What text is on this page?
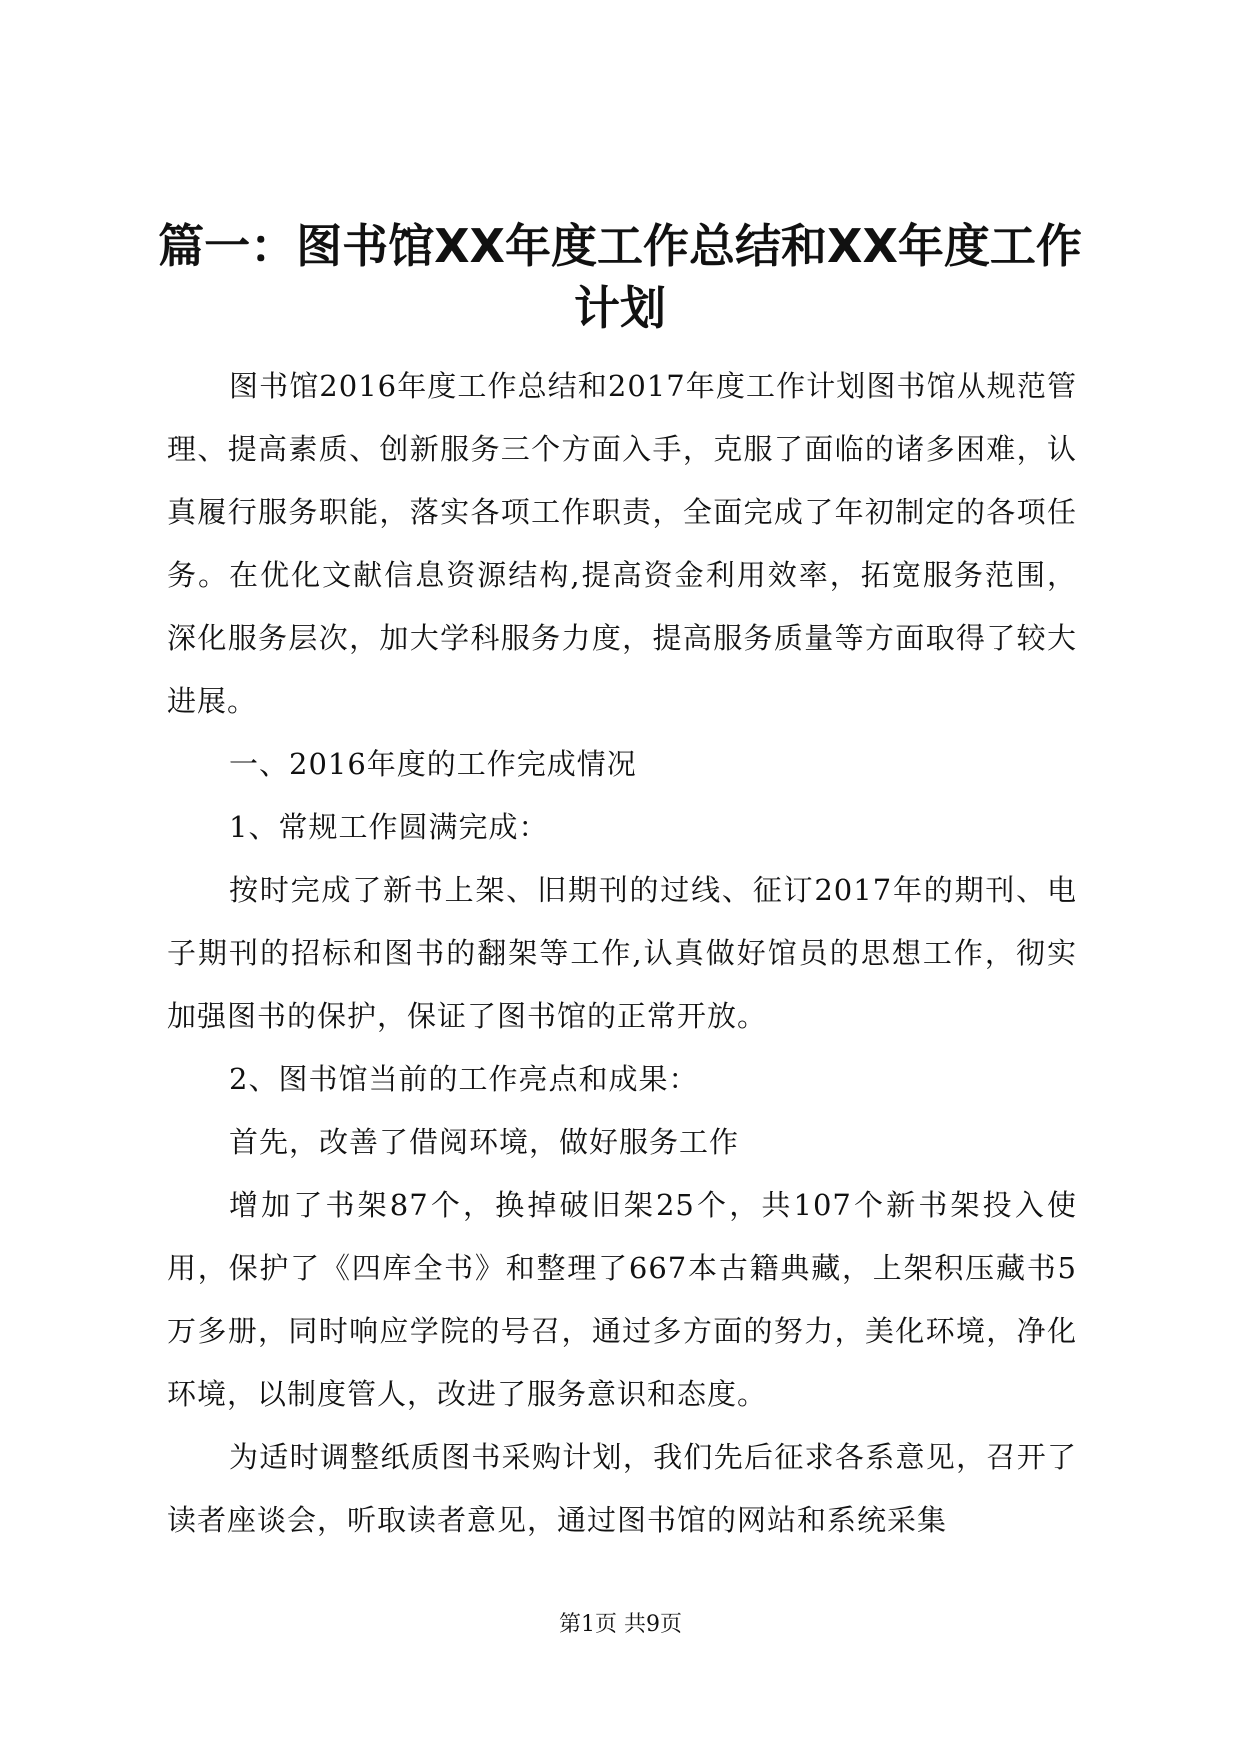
篇一：图书馆XX年度工作总结和XX年度工作计划

图书馆2016年度工作总结和2017年度工作计划图书馆从规范管理、提高素质、创新服务三个方面入手，克服了面临的诸多困难，认真履行服务职能，落实各项工作职责，全面完成了年初制定的各项任务。在优化文献信息资源结构,提高资金利用效率，拓宽服务范围，深化服务层次，加大学科服务力度，提高服务质量等方面取得了较大进展。

一、2016年度的工作完成情况

1、常规工作圆满完成：

按时完成了新书上架、旧期刊的过线、征订2017年的期刊、电子期刊的招标和图书的翻架等工作,认真做好馆员的思想工作，彻实加强图书的保护，保证了图书馆的正常开放。

2、图书馆当前的工作亮点和成果：

首先，改善了借阅环境，做好服务工作

增加了书架87个，换掉破旧架25个，共107个新书架投入使用，保护了《四库全书》和整理了667本古籍典藏，上架积压藏书5万多册，同时响应学院的号召，通过多方面的努力，美化环境，净化环境，以制度管人，改进了服务意识和态度。

为适时调整纸质图书采购计划，我们先后征求各系意见，召开了读者座谈会，听取读者意见，通过图书馆的网站和系统采集

第1页 共9页
